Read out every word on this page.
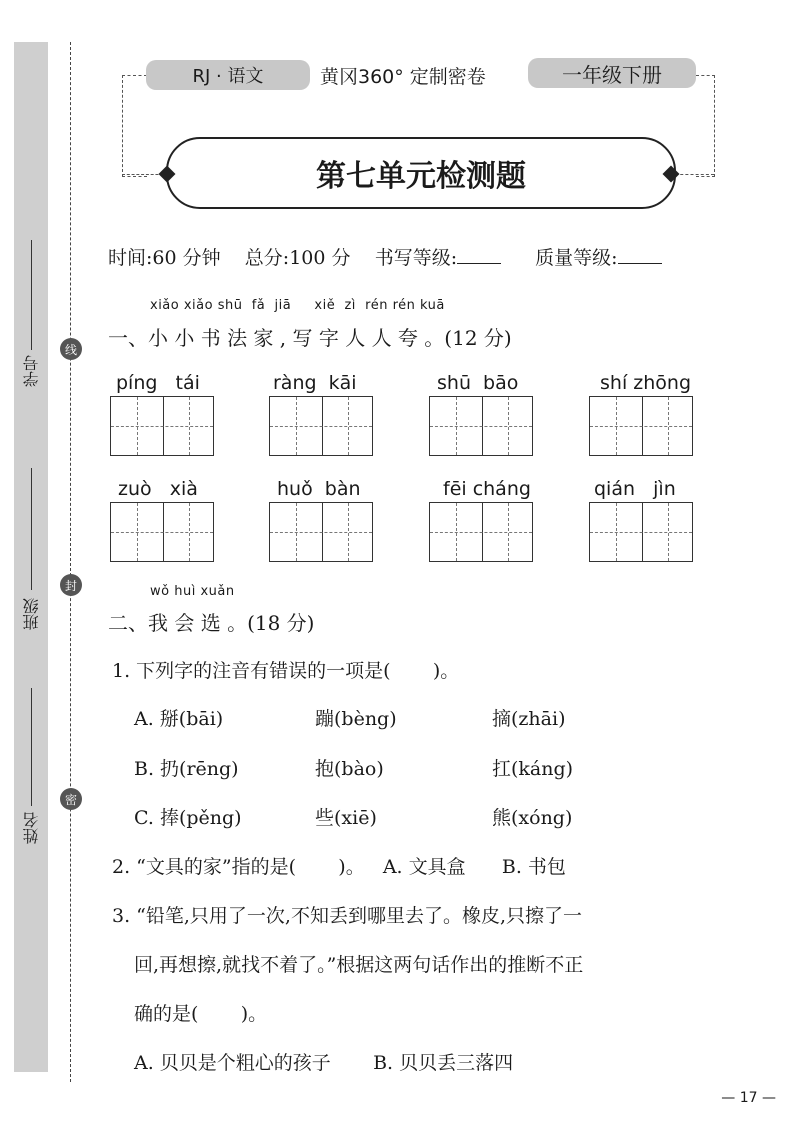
学号
班级
姓名
线
封
密
RJ · 语文	黄冈360° 定制密卷	一年级下册
第七单元检测题
时间:60 分钟 总分:100 分 书写等级:	质量等级:
xiǎo xiǎo shū  fǎ  jiā     xiě  zì  rén rén kuā
一、小 小 书 法 家 , 写 字 人 人 夸 。(12 分)
píng   tái	ràng  kāi	shū  bāo	shí zhōng
zuò   xià	huǒ  bàn	fēi cháng	qián   jìn
wǒ huì xuǎn
二、我 会 选 。(18 分)
1. 下列字的注音有错误的一项是(       )。
A. 掰(bāi)	蹦(bèng)	摘(zhāi)
B. 扔(rēng)	抱(bào)	扛(káng)
C. 捧(pěng)	些(xiē)	熊(xóng)
2. “文具的家”指的是(       )。   A. 文具盒      B. 书包
3. “铅笔,只用了一次,不知丢到哪里去了。橡皮,只擦了一
回,再想擦,就找不着了。”根据这两句话作出的推断不正
确的是(       )。
A. 贝贝是个粗心的孩子       B. 贝贝丢三落四
— 17 —
